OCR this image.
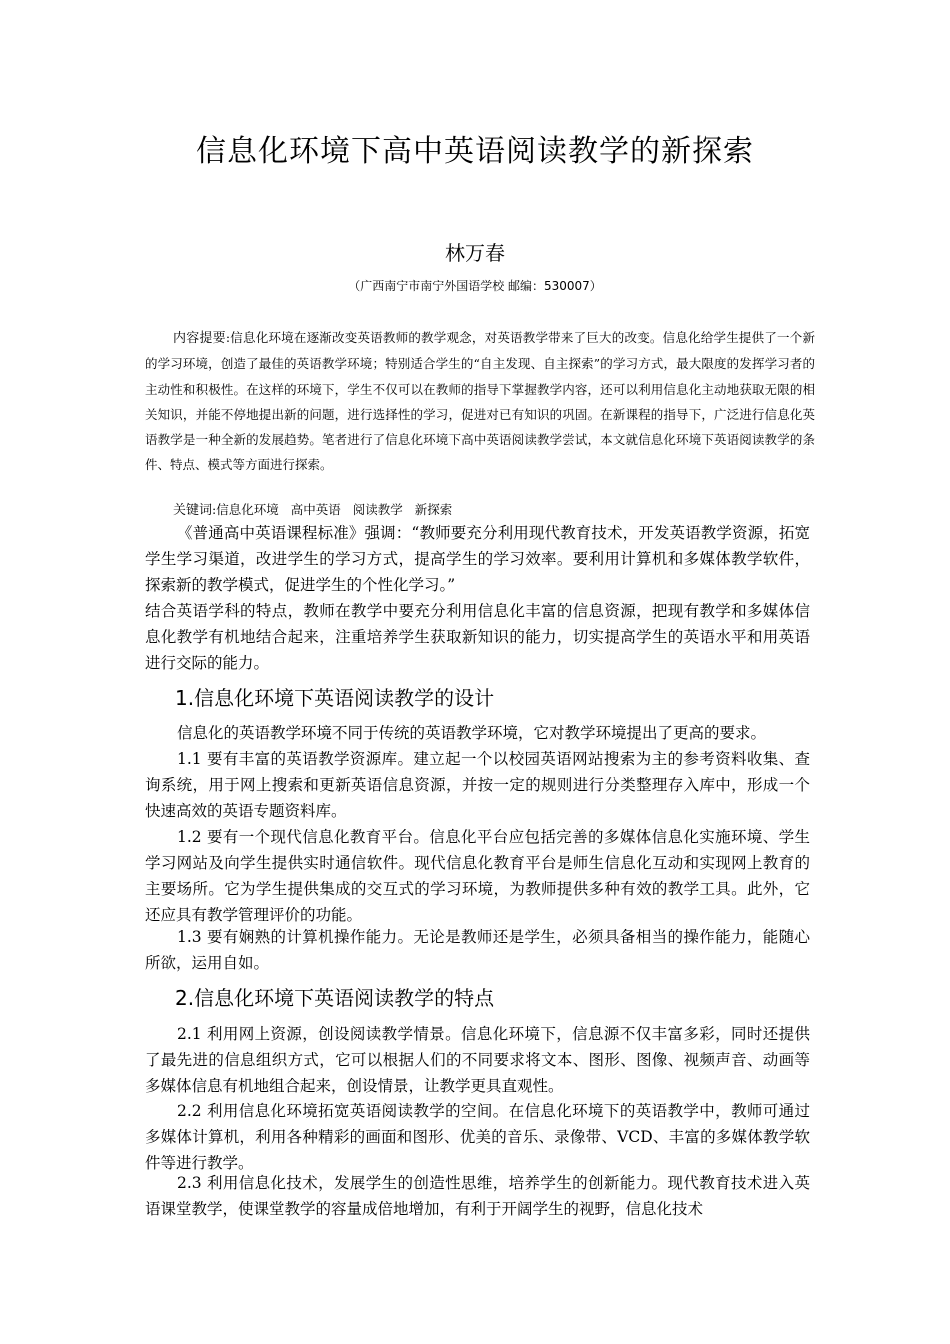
信息化环境下高中英语阅读教学的新探索
林万春
（广西南宁市南宁外国语学校 邮编：530007）

内容提要:信息化环境在逐渐改变英语教师的教学观念，对英语教学带来了巨大的改变。信息化给学生提供了一个新的学习环境，创造了最佳的英语教学环境；特别适合学生的“自主发现、自主探索”的学习方式，最大限度的发挥学习者的主动性和积极性。在这样的环境下，学生不仅可以在教师的指导下掌握教学内容，还可以利用信息化主动地获取无限的相关知识，并能不停地提出新的问题，进行选择性的学习，促进对已有知识的巩固。在新课程的指导下，广泛进行信息化英语教学是一种全新的发展趋势。笔者进行了信息化环境下高中英语阅读教学尝试，本文就信息化环境下英语阅读教学的条件、特点、模式等方面进行探索。

关键词:信息化环境 高中英语 阅读教学 新探索

《普通高中英语课程标准》强调：“教师要充分利用现代教育技术，开发英语教学资源，拓宽学生学习渠道，改进学生的学习方式，提高学生的学习效率。要利用计算机和多媒体教学软件，探索新的教学模式，促进学生的个性化学习。”

结合英语学科的特点，教师在教学中要充分利用信息化丰富的信息资源，把现有教学和多媒体信息化教学有机地结合起来，注重培养学生获取新知识的能力，切实提高学生的英语水平和用英语进行交际的能力。

1.信息化环境下英语阅读教学的设计

信息化的英语教学环境不同于传统的英语教学环境，它对教学环境提出了更高的要求。

1.1 要有丰富的英语教学资源库。建立起一个以校园英语网站搜索为主的参考资料收集、查询系统，用于网上搜索和更新英语信息资源，并按一定的规则进行分类整理存入库中，形成一个快速高效的英语专题资料库。

1.2 要有一个现代信息化教育平台。信息化平台应包括完善的多媒体信息化实施环境、学生学习网站及向学生提供实时通信软件。现代信息化教育平台是师生信息化互动和实现网上教育的主要场所。它为学生提供集成的交互式的学习环境，为教师提供多种有效的教学工具。此外，它还应具有教学管理评价的功能。

1.3 要有娴熟的计算机操作能力。无论是教师还是学生，必须具备相当的操作能力，能随心所欲，运用自如。

2.信息化环境下英语阅读教学的特点

2.1 利用网上资源，创设阅读教学情景。信息化环境下，信息源不仅丰富多彩，同时还提供了最先进的信息组织方式，它可以根据人们的不同要求将文本、图形、图像、视频声音、动画等多媒体信息有机地组合起来，创设情景，让教学更具直观性。

2.2 利用信息化环境拓宽英语阅读教学的空间。在信息化环境下的英语教学中，教师可通过多媒体计算机，利用各种精彩的画面和图形、优美的音乐、录像带、VCD、丰富的多媒体教学软件等进行教学。

2.3 利用信息化技术，发展学生的创造性思维，培养学生的创新能力。现代教育技术进入英语课堂教学，使课堂教学的容量成倍地增加，有利于开阔学生的视野，信息化技术
